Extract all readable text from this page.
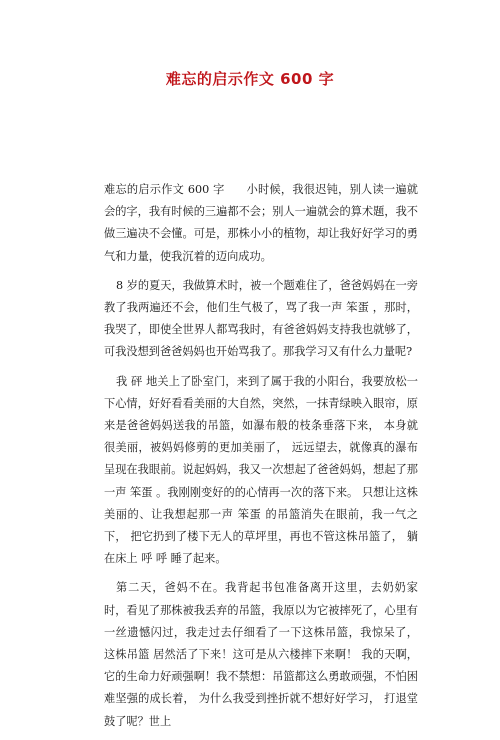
难忘的启示作文 600 字

难忘的启示作文 600 字 小时候，我很迟钝，别人读一遍就会的字，我有时候的三遍都不会；别人一遍就会的算术题，我不做三遍决不会懂。可是，那株小小的植物，却让我好好学习的勇气和力量，使我沉着的迈向成功。

8 岁的夏天，我做算术时，被一个题难住了，爸爸妈妈在一旁教了我两遍还不会，他们生气极了，骂了我一声 笨蛋 ，那时，我哭了，即使全世界人都骂我时，有爸爸妈妈支持我也就够了，可我没想到爸爸妈妈也开始骂我了。那我学习又有什么力量呢?

我 砰 地关上了卧室门，来到了属于我的小阳台，我要放松一下心情，好好看看美丽的大自然，突然，一抹青绿映入眼帘，原来是爸爸妈妈送我的吊篮，如瀑布般的枝条垂落下来， 本身就很美丽，被妈妈修剪的更加美丽了， 远远望去，就像真的瀑布呈现在我眼前。说起妈妈，我又一次想起了爸爸妈妈，想起了那一声 笨蛋 。我刚刚变好的的心情再一次的落下来。 只想让这株美丽的、让我想起那一声 笨蛋 的吊篮消失在眼前，我一气之下， 把它扔到了楼下无人的草坪里，再也不管这株吊篮了， 躺在床上 呼 呼 睡了起来。

第二天，爸妈不在。我背起书包准备离开这里，去奶奶家时，看见了那株被我丢弃的吊篮，我原以为它被摔死了，心里有一丝遗憾闪过，我走过去仔细看了一下这株吊篮，我惊呆了， 这株吊篮 居然活了下来！这可是从六楼摔下来啊！ 我的天啊，它的生命力好顽强啊！我不禁想：吊篮都这么勇敢顽强，不怕困难坚强的成长着， 为什么我受到挫折就不想好好学习， 打退堂鼓了呢？世上
